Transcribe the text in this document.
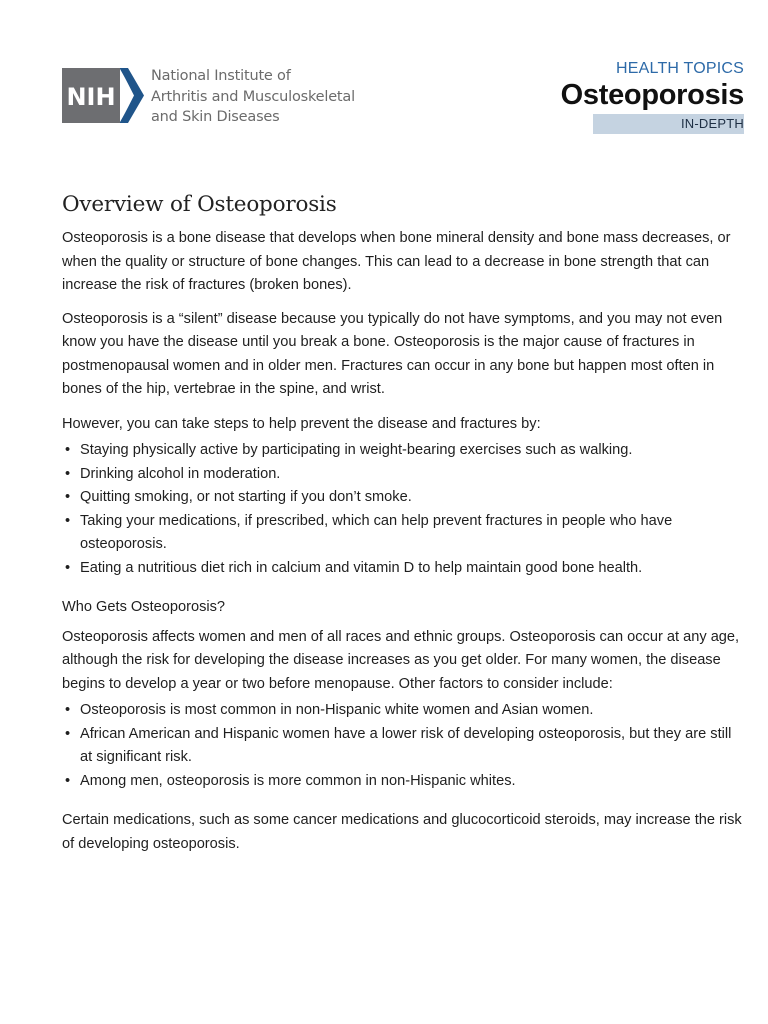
NIH
National Institute of
Arthritis and Musculoskeletal
and Skin Diseases
HEALTH TOPICS
Osteoporosis
IN-DEPTH
Overview of Osteoporosis

Osteoporosis is a bone disease that develops when bone mineral density and bone mass decreases, or when the quality or structure of bone changes. This can lead to a decrease in bone strength that can increase the risk of fractures (broken bones).

Osteoporosis is a “silent” disease because you typically do not have symptoms, and you may not even know you have the disease until you break a bone. Osteoporosis is the major cause of fractures in postmenopausal women and in older men. Fractures can occur in any bone but happen most often in bones of the hip, vertebrae in the spine, and wrist.

However, you can take steps to help prevent the disease and fractures by:

• Staying physically active by participating in weight-bearing exercises such as walking.
• Drinking alcohol in moderation.
• Quitting smoking, or not starting if you don’t smoke.
• Taking your medications, if prescribed, which can help prevent fractures in people who have osteoporosis.
• Eating a nutritious diet rich in calcium and vitamin D to help maintain good bone health.
Who Gets Osteoporosis?

Osteoporosis affects women and men of all races and ethnic groups. Osteoporosis can occur at any age, although the risk for developing the disease increases as you get older. For many women, the disease begins to develop a year or two before menopause. Other factors to consider include:

• Osteoporosis is most common in non-Hispanic white women and Asian women.
• African American and Hispanic women have a lower risk of developing osteoporosis, but they are still at significant risk.
• Among men, osteoporosis is more common in non-Hispanic whites.

Certain medications, such as some cancer medications and glucocorticoid steroids, may increase the risk of developing osteoporosis.
